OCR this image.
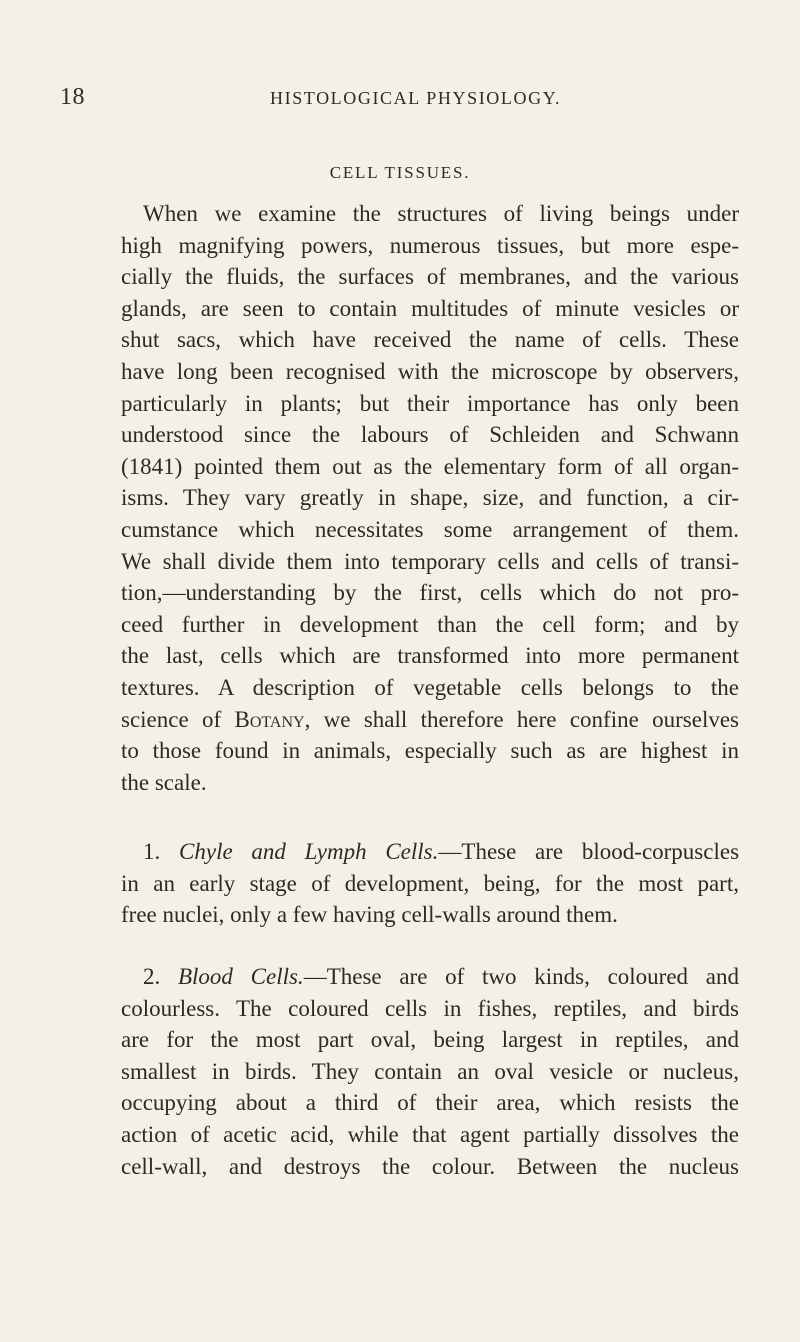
18	HISTOLOGICAL PHYSIOLOGY.
CELL TISSUES.
When we examine the structures of living beings under
high magnifying powers, numerous tissues, but more espe-
cially the fluids, the surfaces of membranes, and the various
glands, are seen to contain multitudes of minute vesicles or
shut sacs, which have received the name of cells. These
have long been recognised with the microscope by observers,
particularly in plants; but their importance has only been
understood since the labours of Schleiden and Schwann
(1841) pointed them out as the elementary form of all organ-
isms. They vary greatly in shape, size, and function, a cir-
cumstance which necessitates some arrangement of them.
We shall divide them into temporary cells and cells of transi-
tion,—understanding by the first, cells which do not pro-
ceed further in development than the cell form; and by
the last, cells which are transformed into more permanent
textures. A description of vegetable cells belongs to the
science of Botany, we shall therefore here confine ourselves
to those found in animals, especially such as are highest in
the scale.
1. Chyle and Lymph Cells.—These are blood-corpuscles
in an early stage of development, being, for the most part,
free nuclei, only a few having cell-walls around them.
2. Blood Cells.—These are of two kinds, coloured and
colourless. The coloured cells in fishes, reptiles, and birds
are for the most part oval, being largest in reptiles, and
smallest in birds. They contain an oval vesicle or nucleus,
occupying about a third of their area, which resists the
action of acetic acid, while that agent partially dissolves the
cell-wall, and destroys the colour. Between the nucleus
